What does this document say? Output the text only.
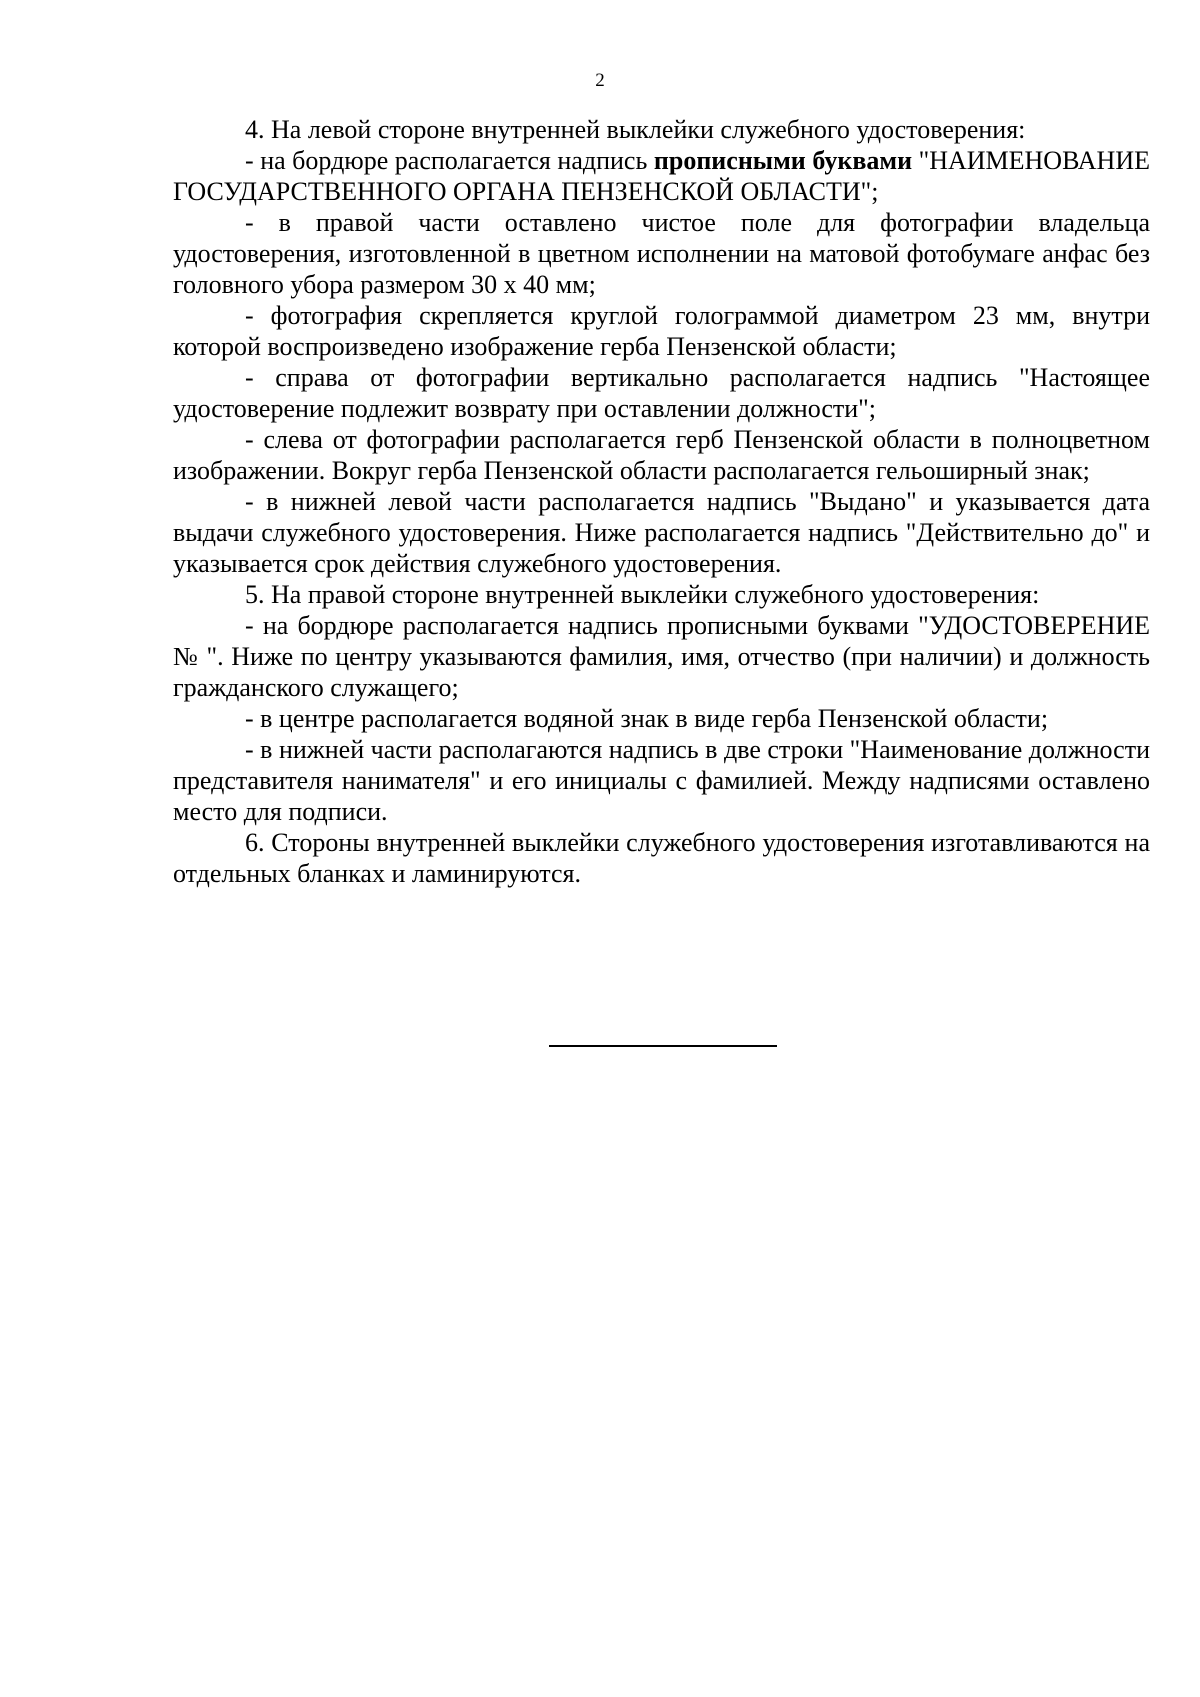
2

4. На левой стороне внутренней выклейки служебного удостоверения:

- на бордюре располагается надпись прописными буквами "НАИМЕНОВАНИЕ ГОСУДАРСТВЕННОГО ОРГАНА ПЕНЗЕНСКОЙ ОБЛАСТИ";

- в правой части оставлено чистое поле для фотографии владельца удостоверения, изготовленной в цветном исполнении на матовой фотобумаге анфас без головного убора размером 30 х 40 мм;

- фотография скрепляется круглой голограммой диаметром 23 мм, внутри которой воспроизведено изображение герба Пензенской области;

- справа от фотографии вертикально располагается надпись "Настоящее удостоверение подлежит возврату при оставлении должности";

- слева от фотографии располагается герб Пензенской области в полноцветном изображении. Вокруг герба Пензенской области располагается гельоширный знак;

- в нижней левой части располагается надпись "Выдано" и указывается дата выдачи служебного удостоверения. Ниже располагается надпись "Действительно до" и указывается срок действия служебного удостоверения.

5. На правой стороне внутренней выклейки служебного удостоверения:

- на бордюре располагается надпись прописными буквами "УДОСТОВЕРЕНИЕ № ". Ниже по центру указываются фамилия, имя, отчество (при наличии) и должность гражданского служащего;

- в центре располагается водяной знак в виде герба Пензенской области;

- в нижней части располагаются надпись в две строки "Наименование должности представителя нанимателя" и его инициалы с фамилией. Между надписями оставлено место для подписи.

6. Стороны внутренней выклейки служебного удостоверения изготавливаются на отдельных бланках и ламинируются.
